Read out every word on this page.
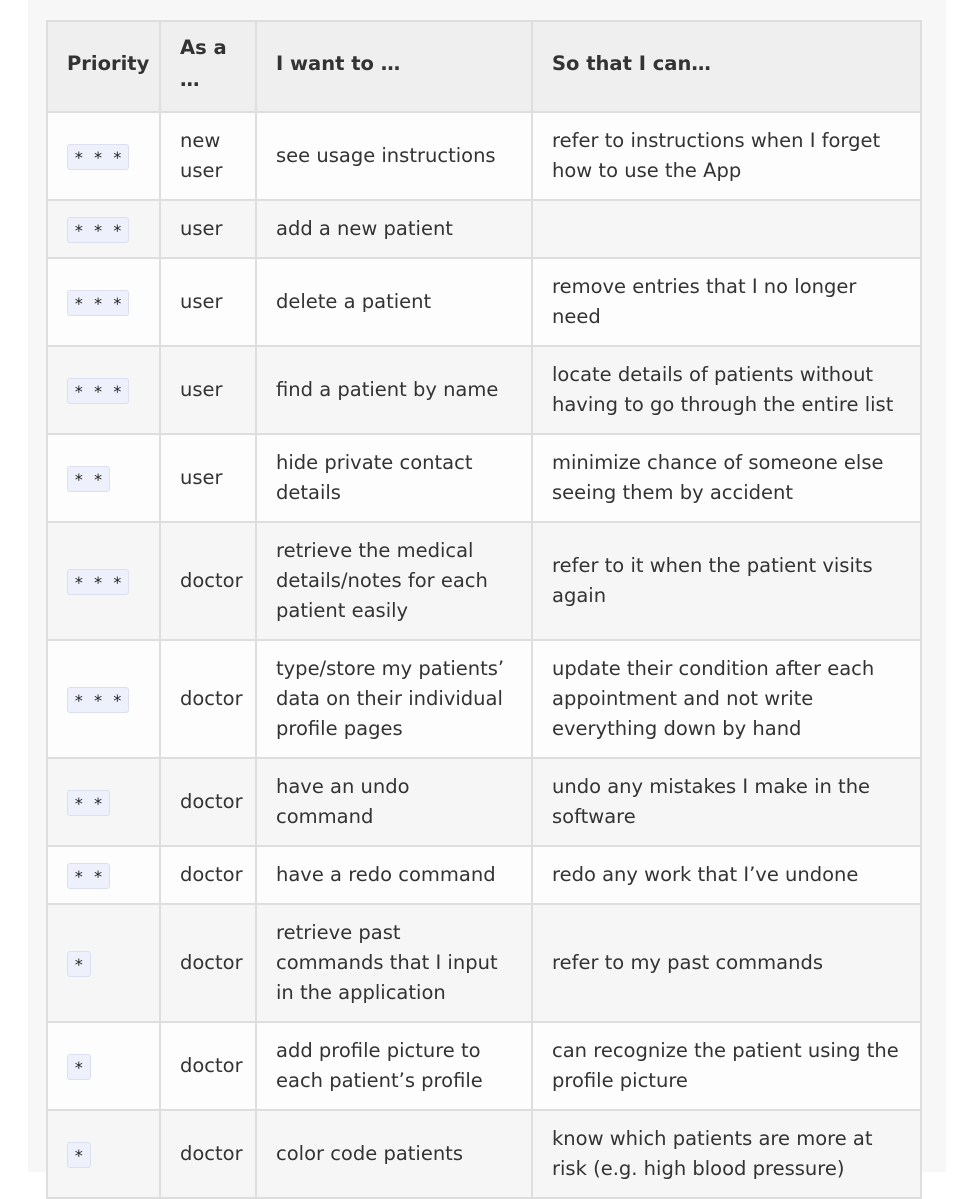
Priority	As a …	I want to …	So that I can…
* * *	new user	see usage instructions	refer to instructions when I forget how to use the App
* * *	user	add a new patient	
* * *	user	delete a patient	remove entries that I no longer need
* * *	user	find a patient by name	locate details of patients without having to go through the entire list
* *	user	hide private contact details	minimize chance of someone else seeing them by accident
* * *	doctor	retrieve the medical details/notes for each patient easily	refer to it when the patient visits again
* * *	doctor	type/store my patients’ data on their individual profile pages	update their condition after each appointment and not write everything down by hand
* *	doctor	have an undo command	undo any mistakes I make in the software
* *	doctor	have a redo command	redo any work that I’ve undone
*	doctor	retrieve past commands that I input in the application	refer to my past commands
*	doctor	add profile picture to each patient’s profile	can recognize the patient using the profile picture
*	doctor	color code patients	know which patients are more at risk (e.g. high blood pressure)
